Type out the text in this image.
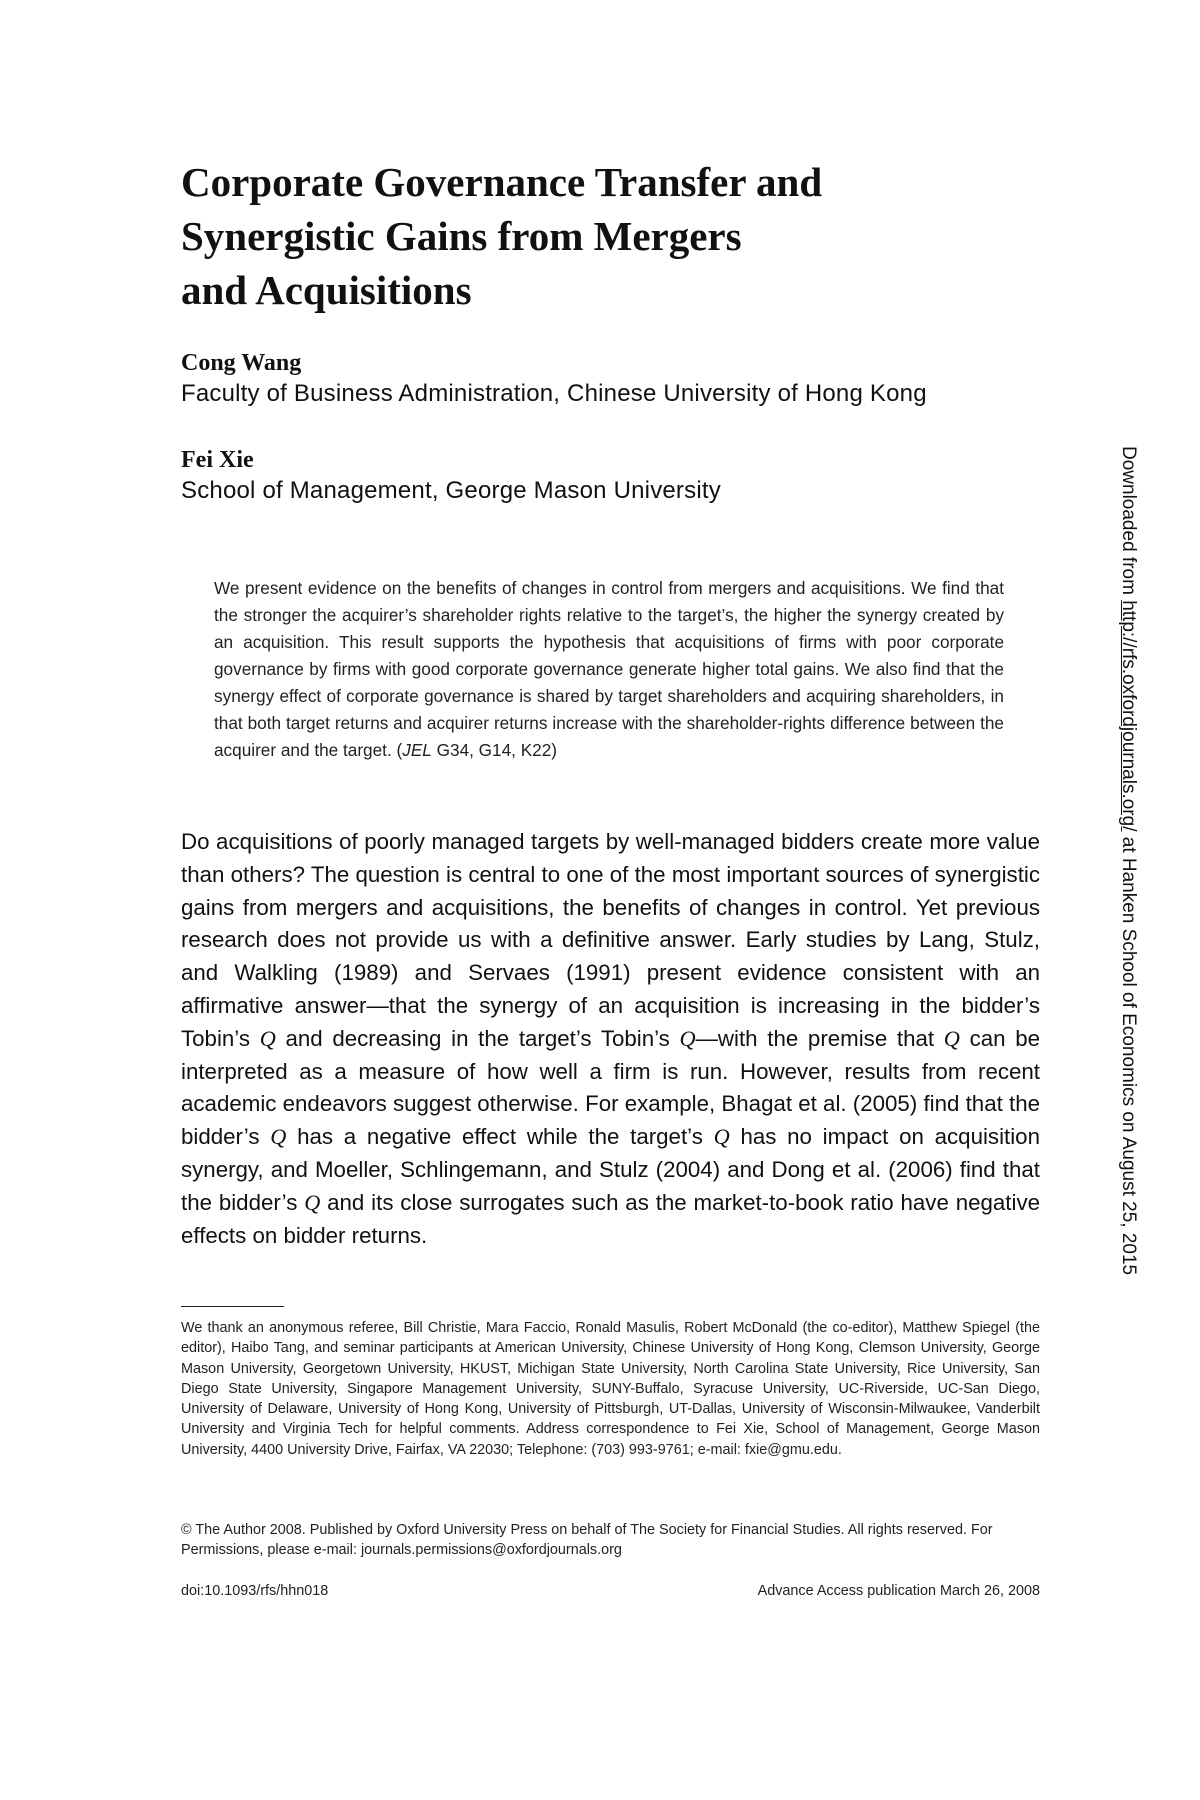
Corporate Governance Transfer and
Synergistic Gains from Mergers
and Acquisitions

Cong Wang

Faculty of Business Administration, Chinese University of Hong Kong

Fei Xie

School of Management, George Mason University

We present evidence on the benefits of changes in control from mergers and acquisitions. We find that the stronger the acquirer’s shareholder rights relative to the target’s, the higher the synergy created by an acquisition. This result supports the hypothesis that acquisitions of firms with poor corporate governance by firms with good corporate governance generate higher total gains. We also find that the synergy effect of corporate governance is shared by target shareholders and acquiring shareholders, in that both target returns and acquirer returns increase with the shareholder-rights difference between the acquirer and the target. (JEL G34, G14, K22)

Do acquisitions of poorly managed targets by well-managed bidders create more value than others? The question is central to one of the most important sources of synergistic gains from mergers and acquisitions, the benefits of changes in control. Yet previous research does not provide us with a definitive answer. Early studies by Lang, Stulz, and Walkling (1989) and Servaes (1991) present evidence consistent with an affirmative answer—that the synergy of an acquisition is increasing in the bidder’s Tobin’s Q and decreasing in the target’s Tobin’s Q—with the premise that Q can be interpreted as a measure of how well a firm is run. However, results from recent academic endeavors suggest otherwise. For example, Bhagat et al. (2005) find that the bidder’s Q has a negative effect while the target’s Q has no impact on acquisition synergy, and Moeller, Schlingemann, and Stulz (2004) and Dong et al. (2006) find that the bidder’s Q and its close surrogates such as the market-to-book ratio have negative effects on bidder returns.

We thank an anonymous referee, Bill Christie, Mara Faccio, Ronald Masulis, Robert McDonald (the co-editor), Matthew Spiegel (the editor), Haibo Tang, and seminar participants at American University, Chinese University of Hong Kong, Clemson University, George Mason University, Georgetown University, HKUST, Michigan State University, North Carolina State University, Rice University, San Diego State University, Singapore Management University, SUNY-Buffalo, Syracuse University, UC-Riverside, UC-San Diego, University of Delaware, University of Hong Kong, University of Pittsburgh, UT-Dallas, University of Wisconsin-Milwaukee, Vanderbilt University and Virginia Tech for helpful comments. Address correspondence to Fei Xie, School of Management, George Mason University, 4400 University Drive, Fairfax, VA 22030; Telephone: (703) 993-9761; e-mail: fxie@gmu.edu.

© The Author 2008. Published by Oxford University Press on behalf of The Society for Financial Studies. All rights reserved. For Permissions, please e-mail: journals.permissions@oxfordjournals.org

doi:10.1093/rfs/hhn018	Advance Access publication March 26, 2008
Downloaded from http://rfs.oxfordjournals.org/ at Hanken School of Economics on August 25, 2015
